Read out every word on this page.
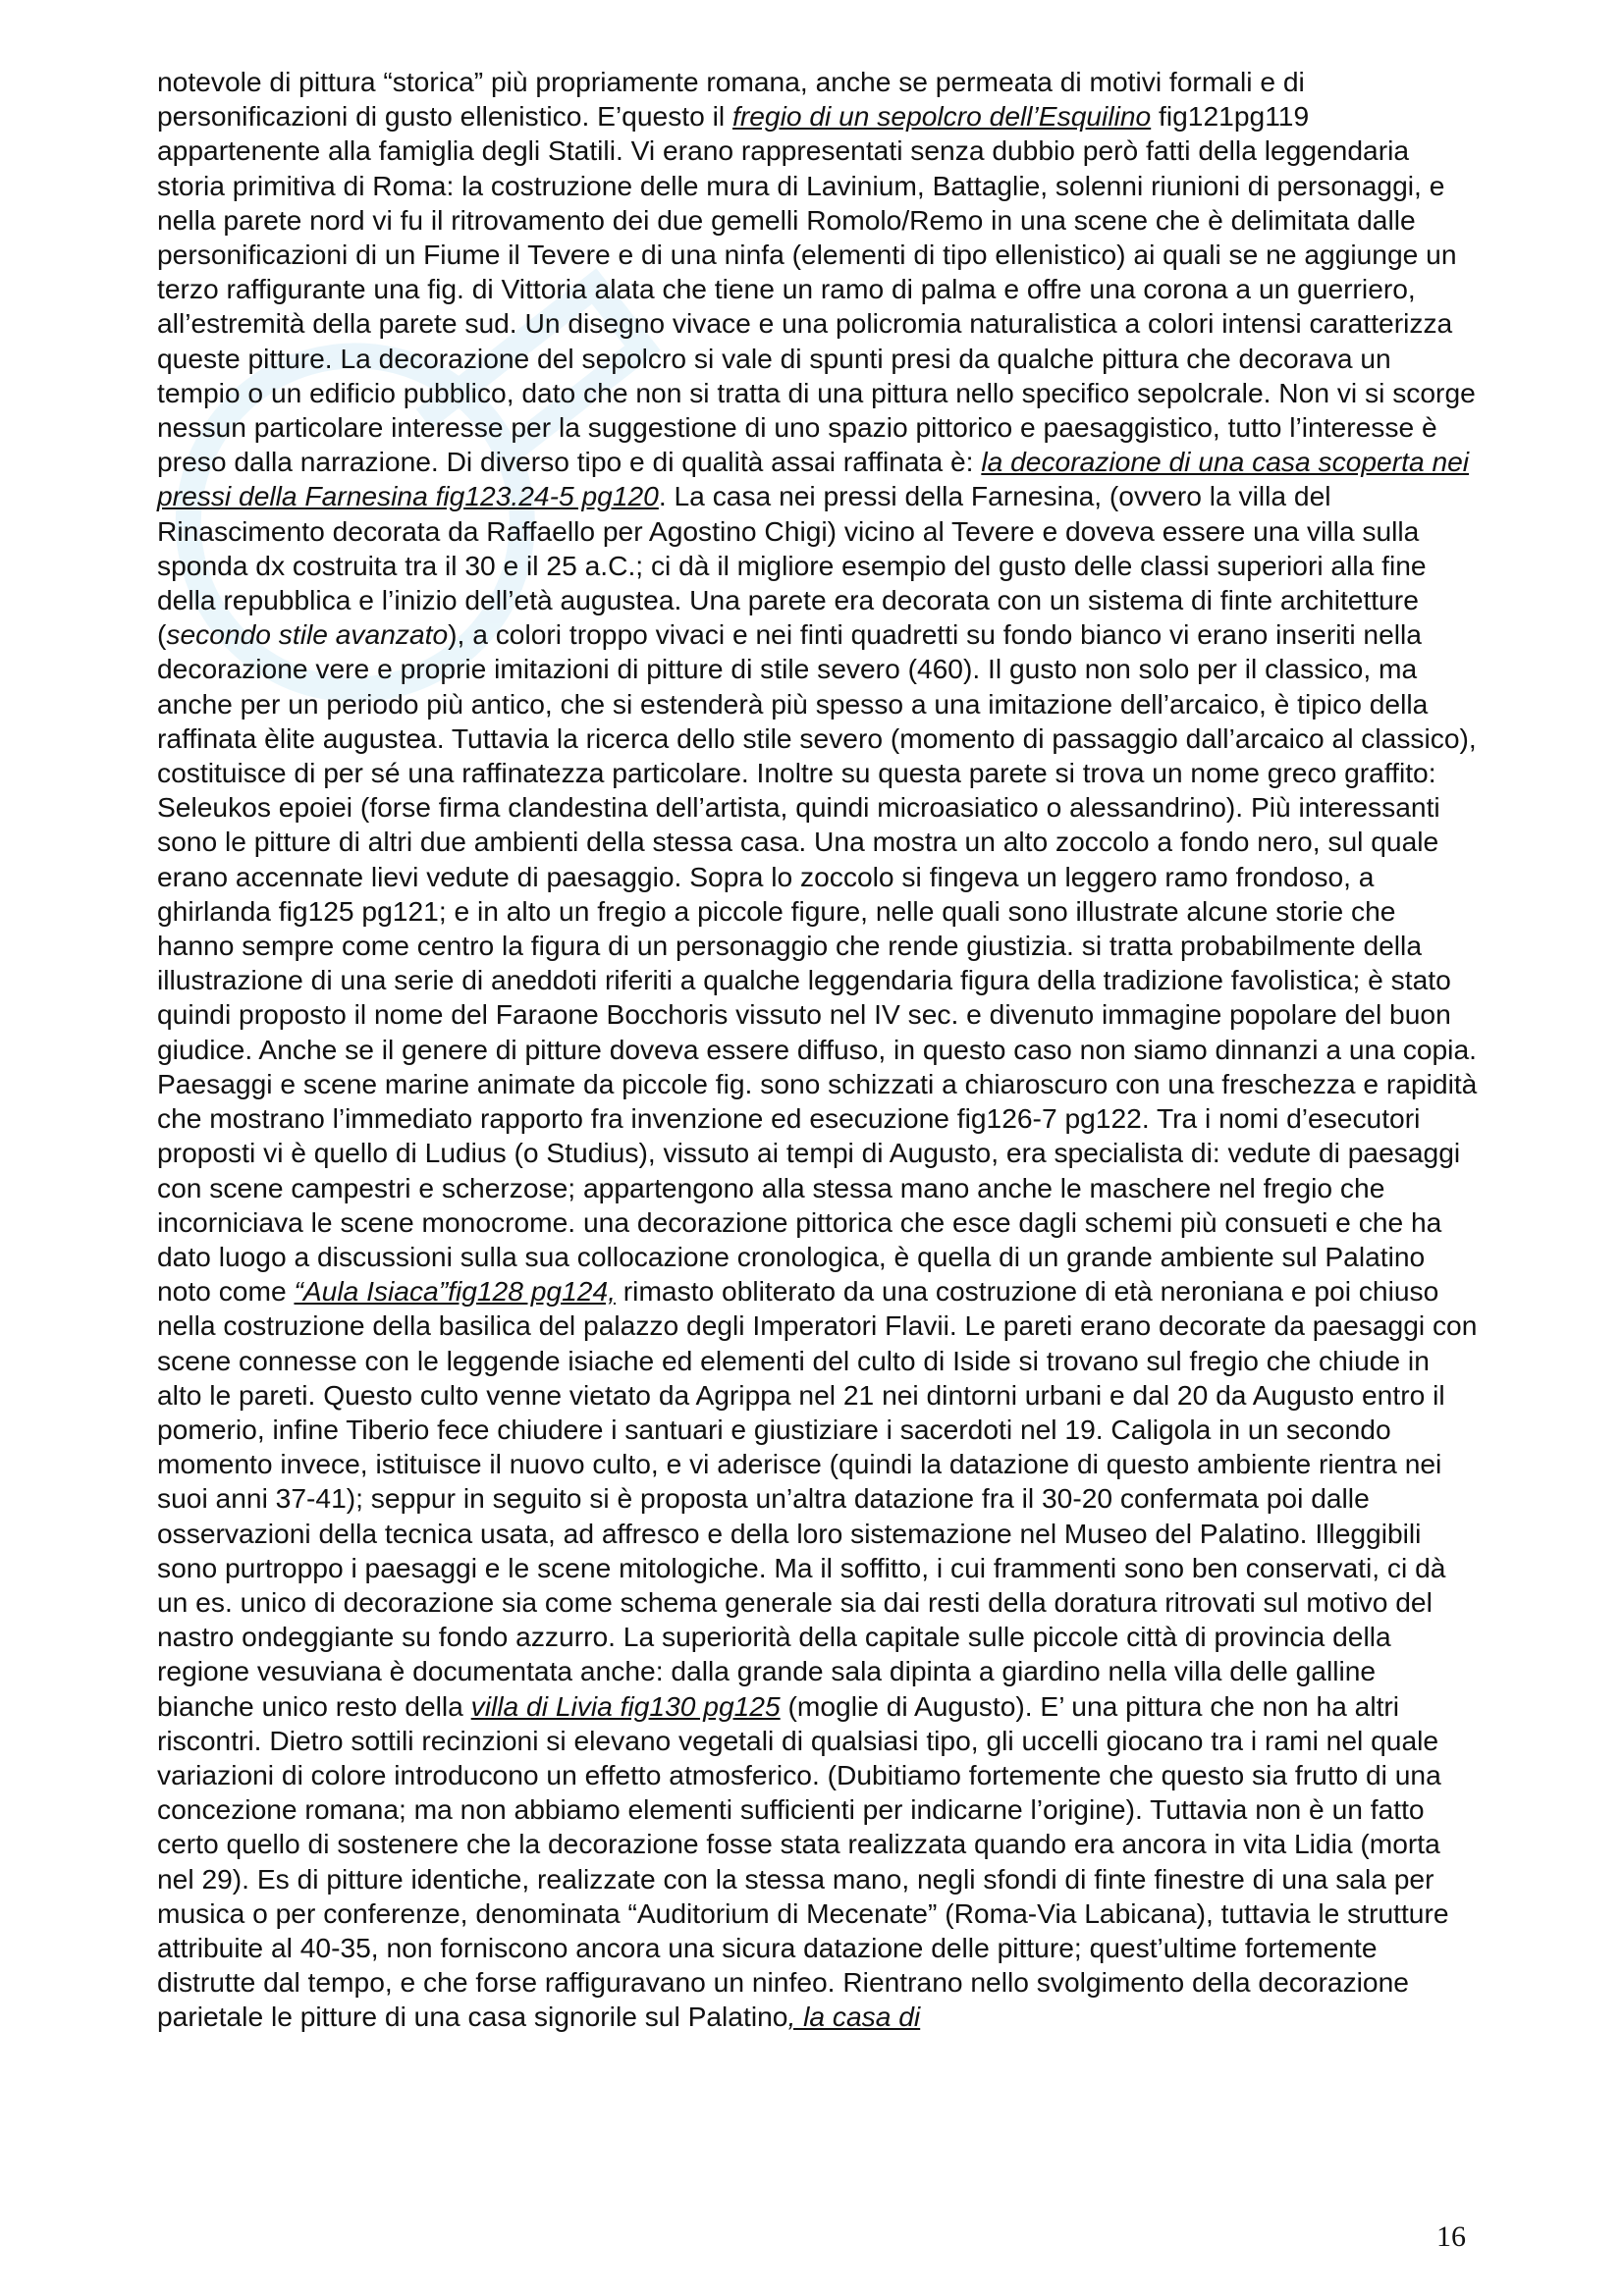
notevole di pittura “storica” più propriamente romana, anche se permeata di motivi formali e di personificazioni di gusto ellenistico. E’questo il fregio di un sepolcro dell’Esquilino fig121pg119 appartenente alla famiglia degli Statili. Vi erano rappresentati senza dubbio però fatti della leggendaria storia primitiva di Roma: la costruzione delle mura di Lavinium, Battaglie, solenni riunioni di personaggi, e nella parete nord vi fu il ritrovamento dei due gemelli Romolo/Remo in una scene che è delimitata dalle personificazioni di un Fiume il Tevere e di una ninfa (elementi di tipo ellenistico) ai quali se ne aggiunge un terzo raffigurante una fig. di Vittoria alata che tiene un ramo di palma e offre una corona a un guerriero, all’estremità della parete sud. Un disegno vivace e una policromia naturalistica a colori intensi caratterizza queste pitture. La decorazione del sepolcro si vale di spunti presi da qualche pittura che decorava un tempio o un edificio pubblico, dato che non si tratta di una pittura nello specifico sepolcrale. Non vi si scorge nessun particolare interesse per la suggestione di uno spazio pittorico e paesaggistico, tutto l’interesse è preso dalla narrazione. Di diverso tipo e di qualità assai raffinata è: la decorazione di una casa scoperta nei pressi della Farnesina fig123.24-5 pg120. La casa nei pressi della Farnesina, (ovvero la villa del Rinascimento decorata da Raffaello per Agostino Chigi) vicino al Tevere e doveva essere una villa sulla sponda dx costruita tra il 30 e il 25 a.C.; ci dà il migliore esempio del gusto delle classi superiori alla fine della repubblica e l’inizio dell’età augustea. Una parete era decorata con un sistema di finte architetture (secondo stile avanzato), a colori troppo vivaci e nei finti quadretti su fondo bianco vi erano inseriti nella decorazione vere e proprie imitazioni di pitture di stile severo (460). Il gusto non solo per il classico, ma anche per un periodo più antico, che si estenderà più spesso a una imitazione dell’arcaico, è tipico della raffinata èlite augustea. Tuttavia la ricerca dello stile severo (momento di passaggio dall’arcaico al classico), costituisce di per sé una raffinatezza particolare. Inoltre su questa parete si trova un nome greco graffito: Seleukos epoiei (forse firma clandestina dell’artista, quindi microasiatico o alessandrino). Più interessanti sono le pitture di altri due ambienti della stessa casa. Una mostra un alto zoccolo a fondo nero, sul quale erano accennate lievi vedute di paesaggio. Sopra lo zoccolo si fingeva un leggero ramo frondoso, a ghirlanda fig125 pg121; e in alto un fregio a piccole figure, nelle quali sono illustrate alcune storie che hanno sempre come centro la figura di un personaggio che rende giustizia. si tratta probabilmente della illustrazione di una serie di aneddoti riferiti a qualche leggendaria figura della tradizione favolistica; è stato quindi proposto il nome del Faraone Bocchoris vissuto nel IV sec. e divenuto immagine popolare del buon giudice. Anche se il genere di pitture doveva essere diffuso, in questo caso non siamo dinnanzi a una copia. Paesaggi e scene marine animate da piccole fig. sono schizzati a chiaroscuro con una freschezza e rapidità che mostrano l’immediato rapporto fra invenzione ed esecuzione fig126-7 pg122. Tra i nomi d’esecutori proposti vi è quello di Ludius (o Studius), vissuto ai tempi di Augusto, era specialista di: vedute di paesaggi con scene campestri e scherzose; appartengono alla stessa mano anche le maschere nel fregio che incorniciava le scene monocrome. una decorazione pittorica che esce dagli schemi più consueti e che ha dato luogo a discussioni sulla sua collocazione cronologica, è quella di un grande ambiente sul Palatino noto come “Aula Isiaca”fig128 pg124, rimasto obliterato da una costruzione di età neroniana e poi chiuso nella costruzione della basilica del palazzo degli Imperatori Flavii. Le pareti erano decorate da paesaggi con scene connesse con le leggende isiache ed elementi del culto di Iside si trovano sul fregio che chiude in alto le pareti. Questo culto venne vietato da Agrippa nel 21 nei dintorni urbani e dal 20 da Augusto entro il pomerio, infine Tiberio fece chiudere i santuari e giustiziare i sacerdoti nel 19. Caligola in un secondo momento invece, istituisce il nuovo culto, e vi aderisce (quindi la datazione di questo ambiente rientra nei suoi anni 37-41); seppur in seguito si è proposta un’altra datazione fra il 30-20 confermata poi dalle osservazioni della tecnica usata, ad affresco e della loro sistemazione nel Museo del Palatino. Illeggibili sono purtroppo i paesaggi e le scene mitologiche. Ma il soffitto, i cui frammenti sono ben conservati, ci dà un es. unico di decorazione sia come schema generale sia dai resti della doratura ritrovati sul motivo del nastro ondeggiante su fondo azzurro. La superiorità della capitale sulle piccole città di provincia della regione vesuviana è documentata anche: dalla grande sala dipinta a giardino nella villa delle galline bianche unico resto della villa di Livia fig130 pg125 (moglie di Augusto). E’ una pittura che non ha altri riscontri. Dietro sottili recinzioni si elevano vegetali di qualsiasi tipo, gli uccelli giocano tra i rami nel quale variazioni di colore introducono un effetto atmosferico. (Dubitiamo fortemente che questo sia frutto di una concezione romana; ma non abbiamo elementi sufficienti per indicarne l’origine). Tuttavia non è un fatto certo quello di sostenere che la decorazione fosse stata realizzata quando era ancora in vita Lidia (morta nel 29). Es di pitture identiche, realizzate con la stessa mano, negli sfondi di finte finestre di una sala per musica o per conferenze, denominata “Auditorium di Mecenate” (Roma-Via Labicana), tuttavia le strutture attribuite al 40-35, non forniscono ancora una sicura datazione delle pitture; quest’ultime fortemente distrutte dal tempo, e che forse raffiguravano un ninfeo. Rientrano nello svolgimento della decorazione parietale le pitture di una casa signorile sul Palatino, la casa di

16
